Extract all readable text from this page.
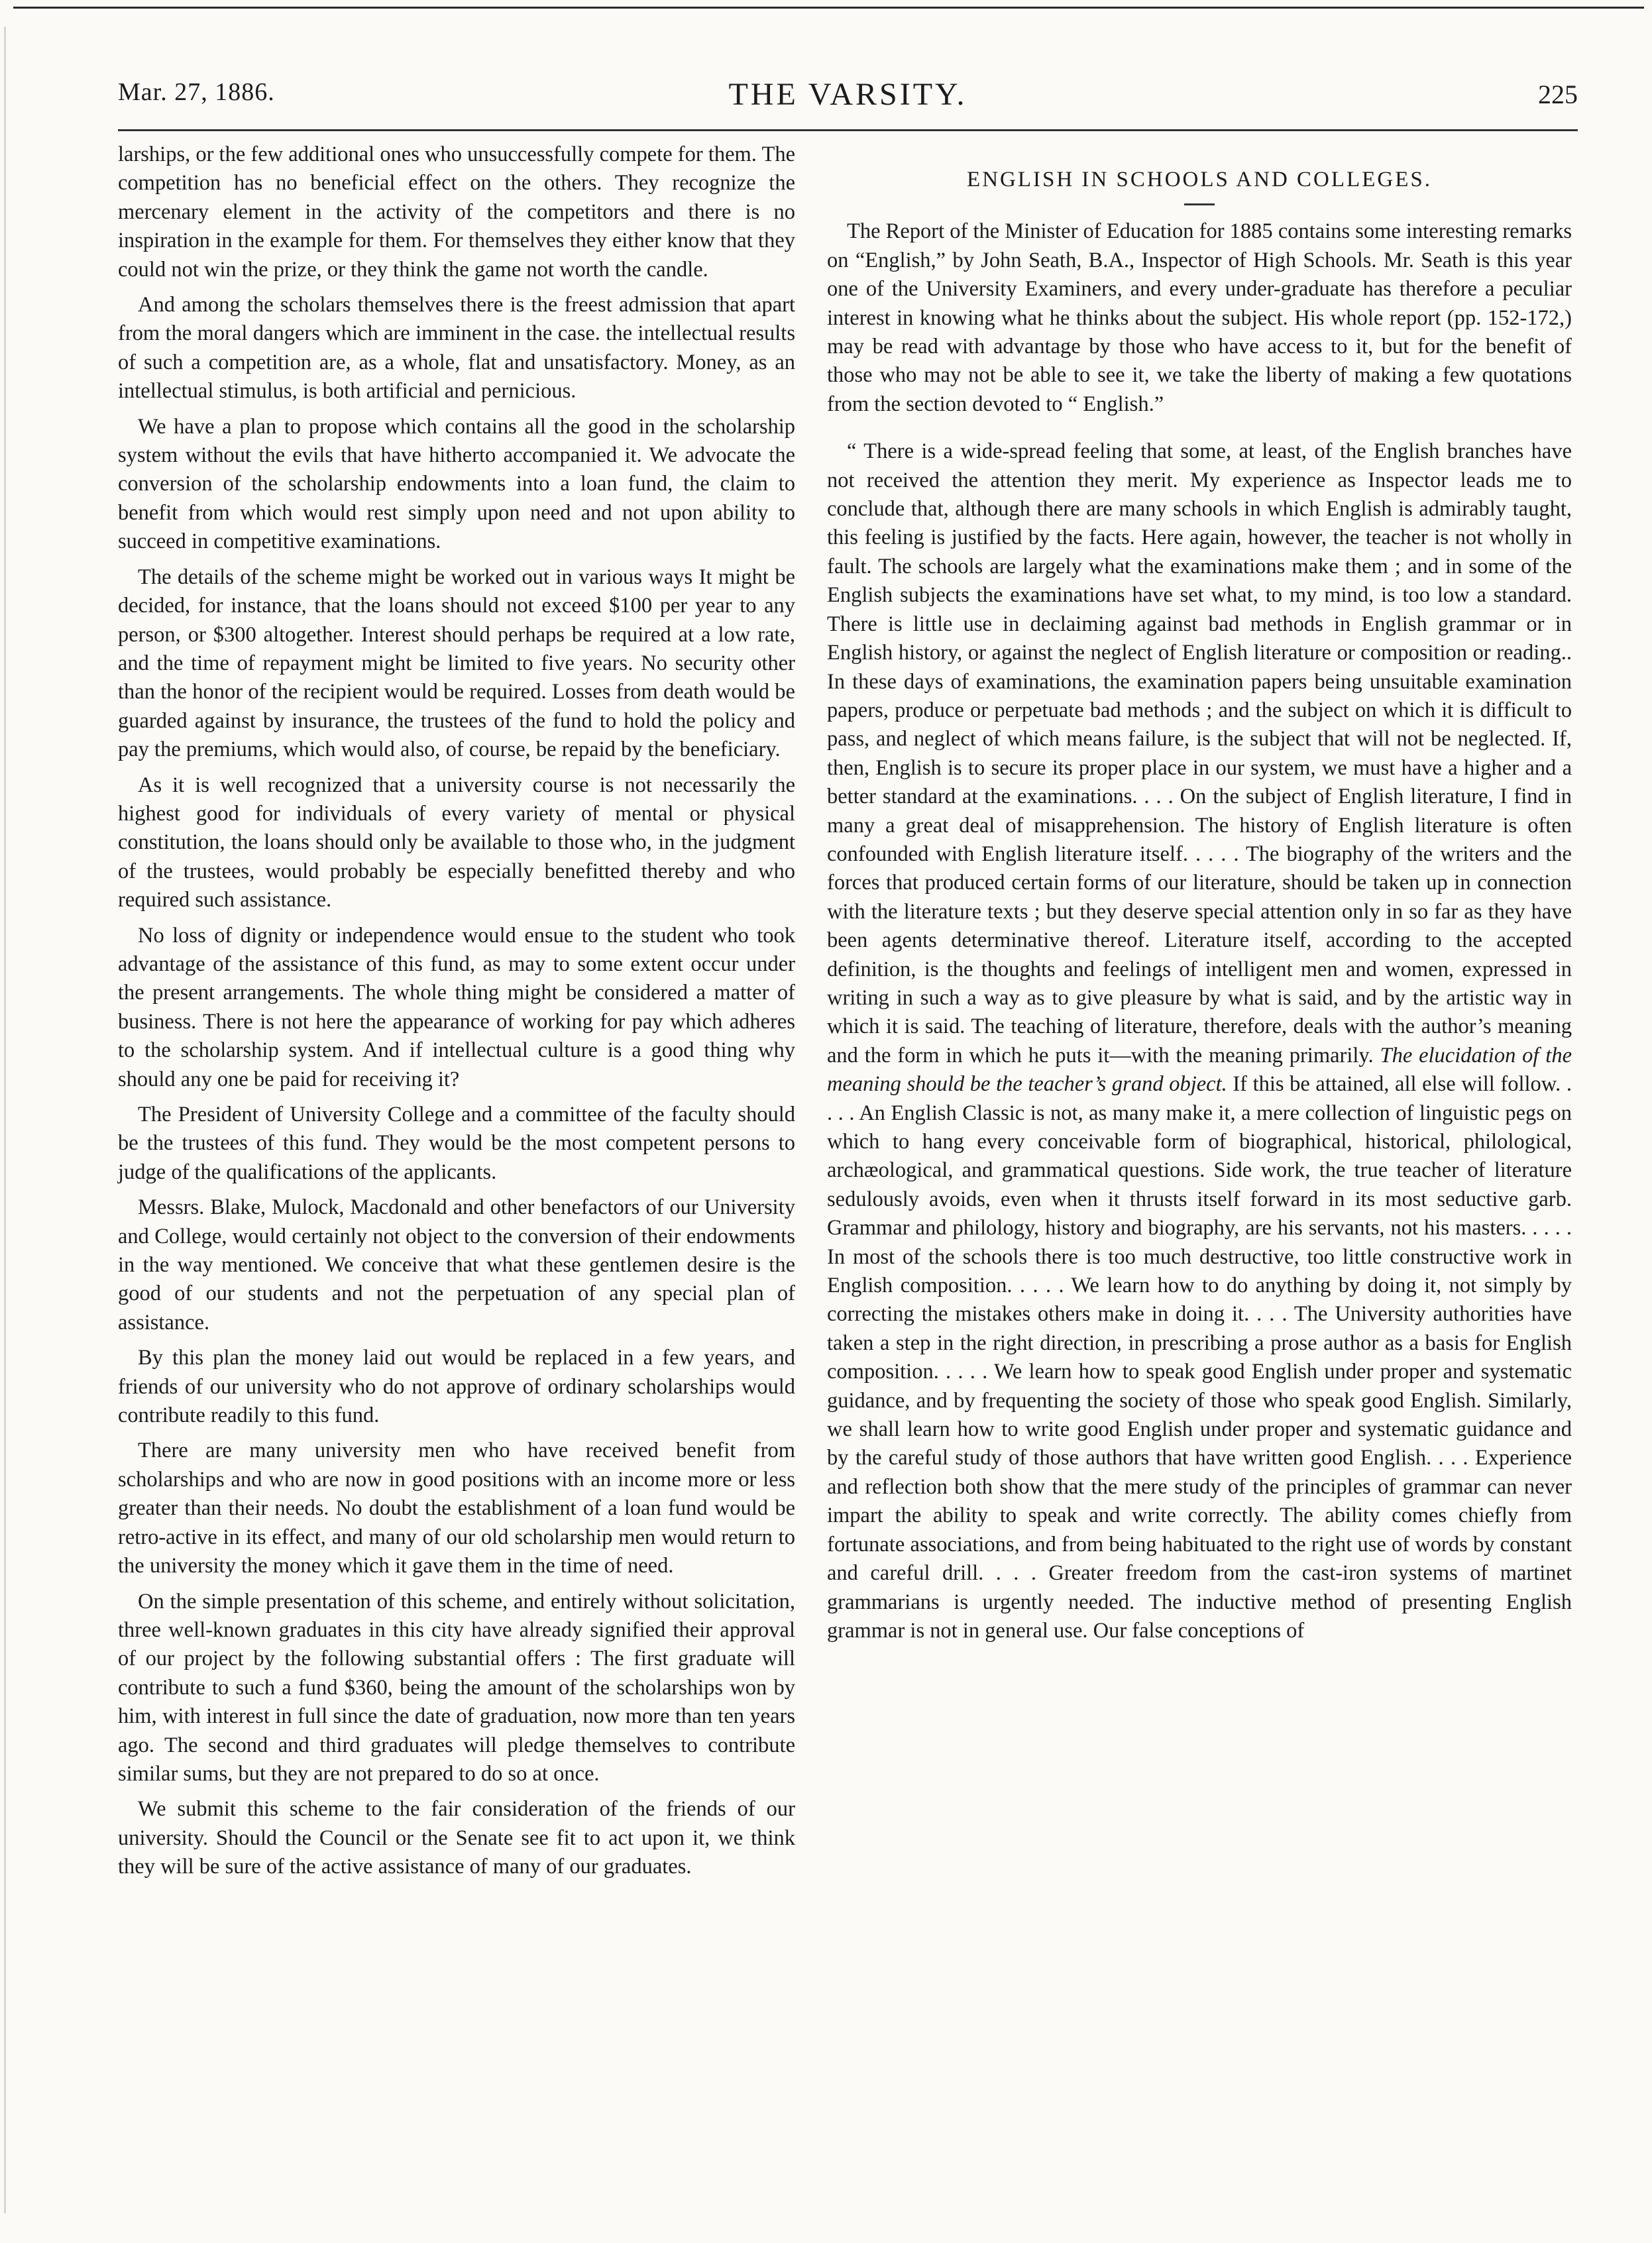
Mar. 27, 1886.	THE VARSITY.	225

larships, or the few additional ones who unsuccessfully compete for them. The competition has no beneficial effect on the others. They recognize the mercenary element in the activity of the competitors and there is no inspiration in the example for them. For themselves they either know that they could not win the prize, or they think the game not worth the candle.

And among the scholars themselves there is the freest admission that apart from the moral dangers which are imminent in the case. the intellectual results of such a competition are, as a whole, flat and unsatisfactory. Money, as an intellectual stimulus, is both artificial and pernicious.

We have a plan to propose which contains all the good in the scholarship system without the evils that have hitherto accompanied it. We advocate the conversion of the scholarship endowments into a loan fund, the claim to benefit from which would rest simply upon need and not upon ability to succeed in competitive examinations.

The details of the scheme might be worked out in various ways It might be decided, for instance, that the loans should not exceed $100 per year to any person, or $300 altogether. Interest should perhaps be required at a low rate, and the time of repayment might be limited to five years. No security other than the honor of the recipient would be required. Losses from death would be guarded against by insurance, the trustees of the fund to hold the policy and pay the premiums, which would also, of course, be repaid by the beneficiary.

As it is well recognized that a university course is not necessarily the highest good for individuals of every variety of mental or physical constitution, the loans should only be available to those who, in the judgment of the trustees, would probably be especially benefitted thereby and who required such assistance.

No loss of dignity or independence would ensue to the student who took advantage of the assistance of this fund, as may to some extent occur under the present arrangements. The whole thing might be considered a matter of business. There is not here the appearance of working for pay which adheres to the scholarship system. And if intellectual culture is a good thing why should any one be paid for receiving it?

The President of University College and a committee of the faculty should be the trustees of this fund. They would be the most competent persons to judge of the qualifications of the applicants.

Messrs. Blake, Mulock, Macdonald and other benefactors of our University and College, would certainly not object to the conversion of their endowments in the way mentioned. We conceive that what these gentlemen desire is the good of our students and not the perpetuation of any special plan of assistance.

By this plan the money laid out would be replaced in a few years, and friends of our university who do not approve of ordinary scholarships would contribute readily to this fund.

There are many university men who have received benefit from scholarships and who are now in good positions with an income more or less greater than their needs. No doubt the establishment of a loan fund would be retro-active in its effect, and many of our old scholarship men would return to the university the money which it gave them in the time of need.

On the simple presentation of this scheme, and entirely without solicitation, three well-known graduates in this city have already signified their approval of our project by the following substantial offers : The first graduate will contribute to such a fund $360, being the amount of the scholarships won by him, with interest in full since the date of graduation, now more than ten years ago. The second and third graduates will pledge themselves to contribute similar sums, but they are not prepared to do so at once.

We submit this scheme to the fair consideration of the friends of our university. Should the Council or the Senate see fit to act upon it, we think they will be sure of the active assistance of many of our graduates.

ENGLISH IN SCHOOLS AND COLLEGES.

The Report of the Minister of Education for 1885 contains some interesting remarks on “English,” by John Seath, B.A., Inspector of High Schools. Mr. Seath is this year one of the University Examiners, and every under-graduate has therefore a peculiar interest in knowing what he thinks about the subject. His whole report (pp. 152-172,) may be read with advantage by those who have access to it, but for the benefit of those who may not be able to see it, we take the liberty of making a few quotations from the section devoted to “ English.”

“ There is a wide-spread feeling that some, at least, of the English branches have not received the attention they merit. My experience as Inspector leads me to conclude that, although there are many schools in which English is admirably taught, this feeling is justified by the facts. Here again, however, the teacher is not wholly in fault. The schools are largely what the examinations make them ; and in some of the English subjects the examinations have set what, to my mind, is too low a standard. There is little use in declaiming against bad methods in English grammar or in English history, or against the neglect of English literature or composition or reading.. In these days of examinations, the examination papers being unsuitable examination papers, produce or perpetuate bad methods ; and the subject on which it is difficult to pass, and neglect of which means failure, is the subject that will not be neglected. If, then, English is to secure its proper place in our system, we must have a higher and a better standard at the examinations. . . . On the subject of English literature, I find in many a great deal of misapprehension. The history of English literature is often confounded with English literature itself. . . . . The biography of the writers and the forces that produced certain forms of our literature, should be taken up in connection with the literature texts ; but they deserve special attention only in so far as they have been agents determinative thereof. Literature itself, according to the accepted definition, is the thoughts and feelings of intelligent men and women, expressed in writing in such a way as to give pleasure by what is said, and by the artistic way in which it is said. The teaching of literature, therefore, deals with the author’s meaning and the form in which he puts it—with the meaning primarily. The elucidation of the meaning should be the teacher’s grand object. If this be attained, all else will follow. . . . . An English Classic is not, as many make it, a mere collection of linguistic pegs on which to hang every conceivable form of biographical, historical, philological, archæological, and grammatical questions. Side work, the true teacher of literature sedulously avoids, even when it thrusts itself forward in its most seductive garb. Grammar and philology, history and biography, are his servants, not his masters. . . . . In most of the schools there is too much destructive, too little constructive work in English composition. . . . . We learn how to do anything by doing it, not simply by correcting the mistakes others make in doing it. . . . The University authorities have taken a step in the right direction, in prescribing a prose author as a basis for English composition. . . . . We learn how to speak good English under proper and systematic guidance, and by frequenting the society of those who speak good English. Similarly, we shall learn how to write good English under proper and systematic guidance and by the careful study of those authors that have written good English. . . . Experience and reflection both show that the mere study of the principles of grammar can never impart the ability to speak and write correctly. The ability comes chiefly from fortunate associations, and from being habituated to the right use of words by constant and careful drill. . . . Greater freedom from the cast-iron systems of martinet grammarians is urgently needed. The inductive method of presenting English grammar is not in general use. Our false conceptions of
